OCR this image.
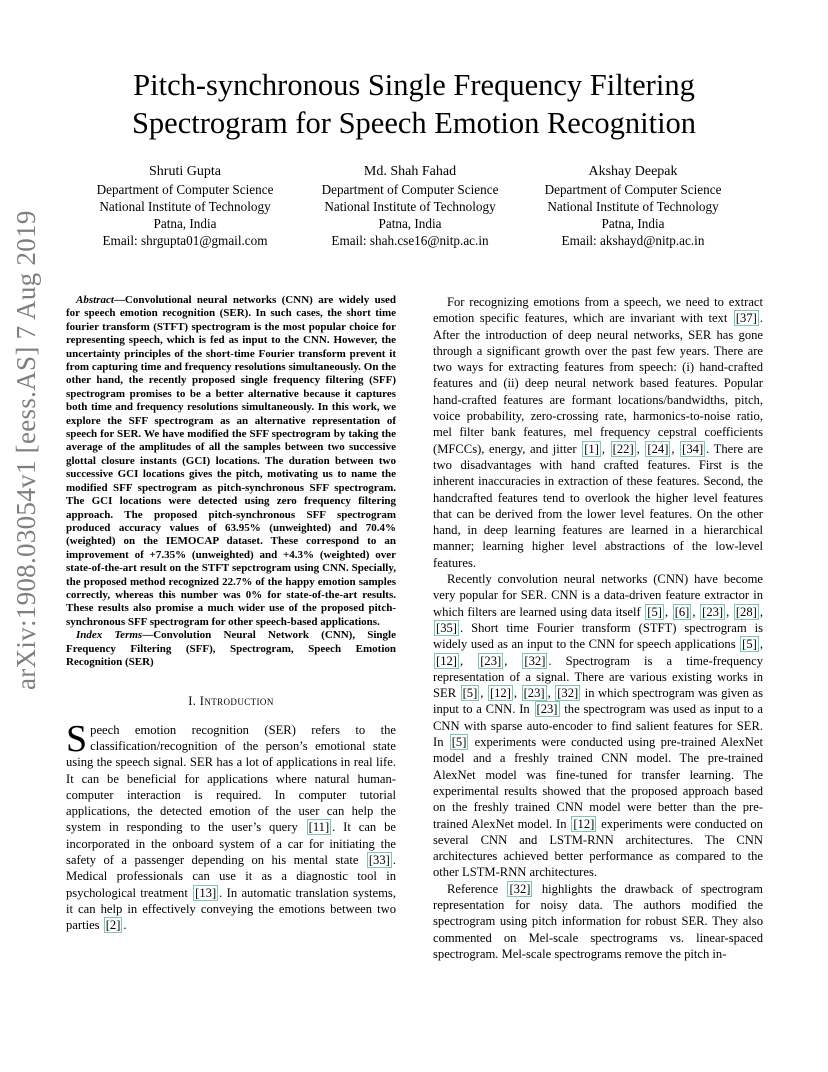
arXiv:1908.03054v1 [eess.AS] 7 Aug 2019
Pitch-synchronous Single Frequency Filtering
Spectrogram for Speech Emotion Recognition
Shruti Gupta
Department of Computer Science
National Institute of Technology
Patna, India
Email: shrgupta01@gmail.com
Md. Shah Fahad
Department of Computer Science
National Institute of Technology
Patna, India
Email: shah.cse16@nitp.ac.in
Akshay Deepak
Department of Computer Science
National Institute of Technology
Patna, India
Email: akshayd@nitp.ac.in

Abstract—Convolutional neural networks (CNN) are widely used for speech emotion recognition (SER). In such cases, the short time fourier transform (STFT) spectrogram is the most popular choice for representing speech, which is fed as input to the CNN. However, the uncertainty principles of the short-time Fourier transform prevent it from capturing time and frequency resolutions simultaneously. On the other hand, the recently proposed single frequency filtering (SFF) spectrogram promises to be a better alternative because it captures both time and frequency resolutions simultaneously. In this work, we explore the SFF spectrogram as an alternative representation of speech for SER. We have modified the SFF spectrogram by taking the average of the amplitudes of all the samples between two successive glottal closure instants (GCI) locations. The duration between two successive GCI locations gives the pitch, motivating us to name the modified SFF spectrogram as pitch-synchronous SFF spectrogram. The GCI locations were detected using zero frequency filtering approach. The proposed pitch-synchronous SFF spectrogram produced accuracy values of 63.95% (unweighted) and 70.4% (weighted) on the IEMOCAP dataset. These correspond to an improvement of +7.35% (unweighted) and +4.3% (weighted) over state-of-the-art result on the STFT sepctrogram using CNN. Specially, the proposed method recognized 22.7% of the happy emotion samples correctly, whereas this number was 0% for state-of-the-art results. These results also promise a much wider use of the proposed pitch-synchronous SFF spectrogram for other speech-based applications.

Index Terms—Convolution Neural Network (CNN), Single Frequency Filtering (SFF), Spectrogram, Speech Emotion Recognition (SER)

I. Introduction

Speech emotion recognition (SER) refers to the classification/recognition of the person’s emotional state using the speech signal. SER has a lot of applications in real life. It can be beneficial for applications where natural human-computer interaction is required. In computer tutorial applications, the detected emotion of the user can help the system in responding to the user’s query [11] . It can be incorporated in the onboard system of a car for initiating the safety of a passenger depending on his mental state [33] . Medical professionals can use it as a diagnostic tool in psychological treatment [13] . In automatic translation systems, it can help in effectively conveying the emotions between two parties [2] .

For recognizing emotions from a speech, we need to extract emotion specific features, which are invariant with text [37] . After the introduction of deep neural networks, SER has gone through a significant growth over the past few years. There are two ways for extracting features from speech: (i) hand-crafted features and (ii) deep neural network based features. Popular hand-crafted features are formant locations/bandwidths, pitch, voice probability, zero-crossing rate, harmonics-to-noise ratio, mel filter bank features, mel frequency cepstral coefficients (MFCCs), energy, and jitter [1] , [22] , [24] , [34] . There are two disadvantages with hand crafted features. First is the inherent inaccuracies in extraction of these features. Second, the handcrafted features tend to overlook the higher level features that can be derived from the lower level features. On the other hand, in deep learning features are learned in a hierarchical manner; learning higher level abstractions of the low-level features.

Recently convolution neural networks (CNN) have become very popular for SER. CNN is a data-driven feature extractor in which filters are learned using data itself [5] , [6] , [23] , [28] , [35] . Short time Fourier transform (STFT) spectrogram is widely used as an input to the CNN for speech applications [5] , [12] , [23] , [32] . Spectrogram is a time-frequency representation of a signal. There are various existing works in SER [5] , [12] , [23] , [32] in which spectrogram was given as input to a CNN. In [23] the spectrogram was used as input to a CNN with sparse auto-encoder to find salient features for SER. In [5] experiments were conducted using pre-trained AlexNet model and a freshly trained CNN model. The pre-trained AlexNet model was fine-tuned for transfer learning. The experimental results showed that the proposed approach based on the freshly trained CNN model were better than the pre-trained AlexNet model. In [12] experiments were conducted on several CNN and LSTM-RNN architectures. The CNN architectures achieved better performance as compared to the other LSTM-RNN architectures.

Reference [32] highlights the drawback of spectrogram representation for noisy data. The authors modified the spectrogram using pitch information for robust SER. They also commented on Mel-scale spectrograms vs. linear-spaced spectrogram. Mel-scale spectrograms remove the pitch in-
